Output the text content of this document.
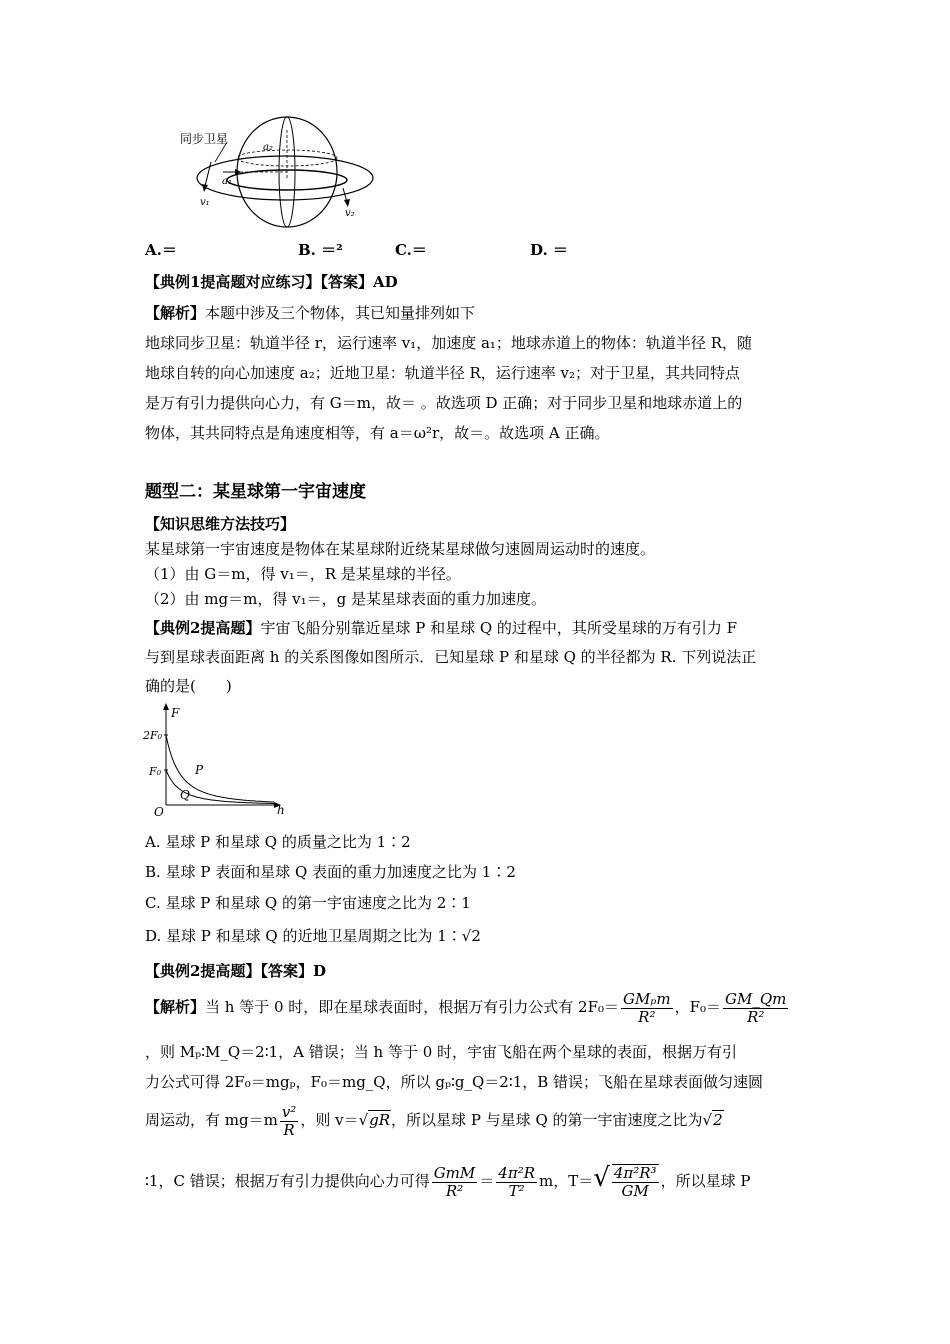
同步卫星
a₂
a₁
v₁
v₂
A.＝	B. ＝²	C.＝	D. ＝
【典例1提高题对应练习】【答案】AD
【解析】本题中涉及三个物体，其已知量排列如下
地球同步卫星：轨道半径 r，运行速率 v₁，加速度 a₁；地球赤道上的物体：轨道半径 R，随
地球自转的向心加速度 a₂；近地卫星：轨道半径 R，运行速率 v₂；对于卫星，其共同特点
是万有引力提供向心力，有 G＝m，故＝ 。故选项 D 正确；对于同步卫星和地球赤道上的
物体，其共同特点是角速度相等，有 a＝ω²r，故＝。故选项 A 正确。
题型二：某星球第一宇宙速度
【知识思维方法技巧】
某星球第一宇宙速度是物体在某星球附近绕某星球做匀速圆周运动时的速度。
（1）由 G＝m，得 v₁＝，R 是某星球的半径。
（2）由 mg＝m，得 v₁＝，g 是某星球表面的重力加速度。
【典例2提高题】宇宙飞船分别靠近星球 P 和星球 Q 的过程中，其所受星球的万有引力 F
与到星球表面距离 h 的关系图像如图所示．已知星球 P 和星球 Q 的半径都为 R. 下列说法正
确的是(　　)
F
h
O
2F₀
F₀	P
Q
A. 星球 P 和星球 Q 的质量之比为 1∶2
B. 星球 P 表面和星球 Q 表面的重力加速度之比为 1∶2
C. 星球 P 和星球 Q 的第一宇宙速度之比为 2∶1
D. 星球 P 和星球 Q 的近地卫星周期之比为 1∶√2
【典例2提高题】【答案】D
【解析】当 h 等于 0 时，即在星球表面时，根据万有引力公式有 $2F_0= \frac{\text{GMₚm}}{\text{R²}}$ ，$F_0= \frac{GM\_Qm}{\text{R²}}$
，则 Mₚ∶M_Q＝2∶1，A 错误；当 h 等于 0 时，宇宙飞船在两个星球的表面，根据万有引
力公式可得 2F₀＝mgₚ，F₀＝mg_Q，所以 gₚ∶g_Q＝2∶1，B 错误；飞船在星球表面做匀速圆
周运动，有 $mg=m \frac{\text{v²}}{R}$ ，则 v＝√gR，所以星球 P 与星球 Q 的第一宇宙速度之比为√2
∶1，C 错误；根据万有引力提供向心力可得 $\frac{\text{GmM}}{\text{R²}} = \frac{\text{4π²R}}{\text{T²}}$ m，$T=√ \frac{\text{4π²R³}}{GM}$ ，所以星球 P
